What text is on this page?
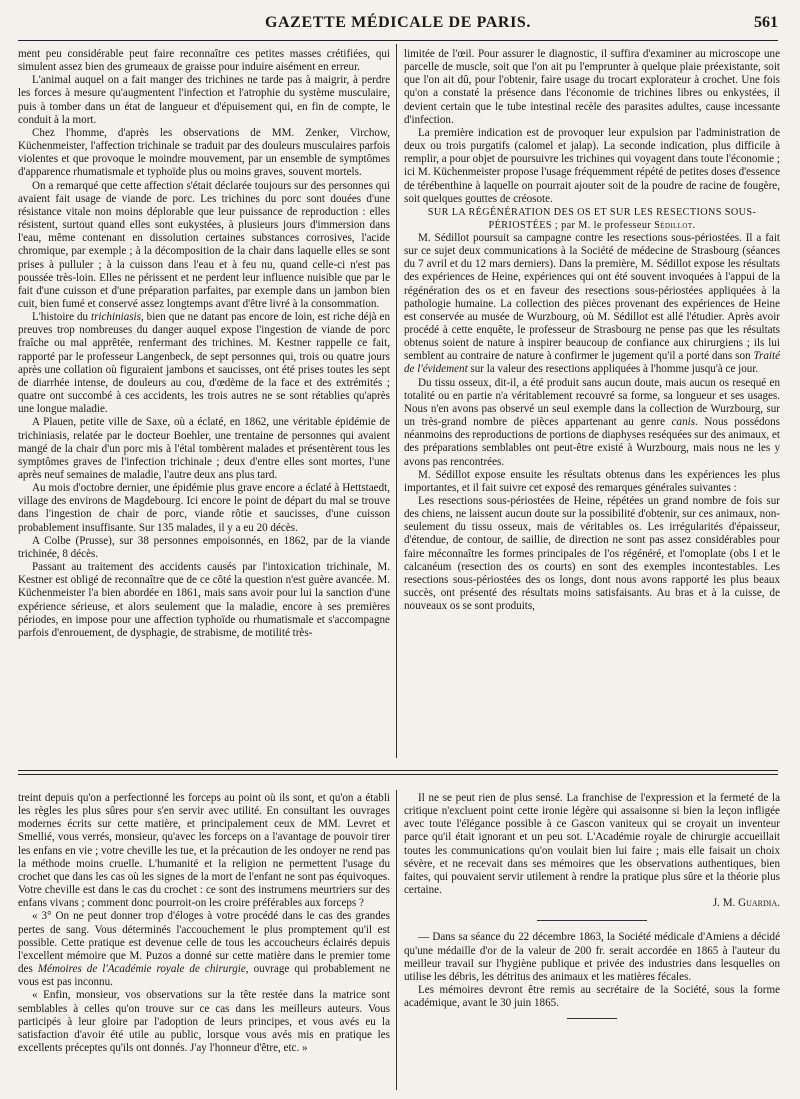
GAZETTE MÉDICALE DE PARIS.	561

ment peu considérable peut faire reconnaître ces petites masses crétifiées, qui simulent assez bien des grumeaux de graisse pour induire aisément en erreur.

L'animal auquel on a fait manger des trichines ne tarde pas à maigrir, à perdre les forces à mesure qu'augmentent l'infection et l'atrophie du système musculaire, puis à tomber dans un état de langueur et d'épuisement qui, en fin de compte, le conduit à la mort.

Chez l'homme, d'après les observations de MM. Zenker, Virchow, Küchenmeister, l'affection trichinale se traduit par des douleurs musculaires parfois violentes et que provoque le moindre mouvement, par un ensemble de symptômes d'apparence rhumatismale et typhoïde plus ou moins graves, souvent mortels.

On a remarqué que cette affection s'était déclarée toujours sur des personnes qui avaient fait usage de viande de porc. Les trichines du porc sont douées d'une résistance vitale non moins déplorable que leur puissance de reproduction : elles résistent, surtout quand elles sont eukystées, à plusieurs jours d'immersion dans l'eau, même contenant en dissolution certaines substances corrosives, l'acide chromique, par exemple ; à la décomposition de la chair dans laquelle elles se sont prises à pulluler ; à la cuisson dans l'eau et à feu nu, quand celle-ci n'est pas poussée très-loin. Elles ne périssent et ne perdent leur influence nuisible que par le fait d'une cuisson et d'une préparation parfaites, par exemple dans un jambon bien cuit, bien fumé et conservé assez longtemps avant d'être livré à la consommation.

L'histoire du trichiniasis, bien que ne datant pas encore de loin, est riche déjà en preuves trop nombreuses du danger auquel expose l'ingestion de viande de porc fraîche ou mal apprêtée, renfermant des trichines. M. Kestner rappelle ce fait, rapporté par le professeur Langenbeck, de sept personnes qui, trois ou quatre jours après une collation où figuraient jambons et saucisses, ont été prises toutes les sept de diarrhée intense, de douleurs au cou, d'œdème de la face et des extrémités ; quatre ont succombé à ces accidents, les trois autres ne se sont rétablies qu'après une longue maladie.

A Plauen, petite ville de Saxe, où a éclaté, en 1862, une véritable épidémie de trichiniasis, relatée par le docteur Boehler, une trentaine de personnes qui avaient mangé de la chair d'un porc mis à l'étal tombèrent malades et présentèrent tous les symptômes graves de l'infection trichinale ; deux d'entre elles sont mortes, l'une après neuf semaines de maladie, l'autre deux ans plus tard.

Au mois d'octobre dernier, une épidémie plus grave encore a éclaté à Hettstaedt, village des environs de Magdebourg. Ici encore le point de départ du mal se trouve dans l'ingestion de chair de porc, viande rôtie et saucisses, d'une cuisson probablement insuffisante. Sur 135 malades, il y a eu 20 décès.

A Colbe (Prusse), sur 38 personnes empoisonnés, en 1862, par de la viande trichinée, 8 décès.

Passant au traitement des accidents causés par l'intoxication trichinale, M. Kestner est obligé de reconnaître que de ce côté la question n'est guère avancée. M. Küchenmeister l'a bien abordée en 1861, mais sans avoir pour lui la sanction d'une expérience sérieuse, et alors seulement que la maladie, encore à ses premières périodes, en impose pour une affection typhoïde ou rhumatismale et s'accompagne parfois d'enrouement, de dysphagie, de strabisme, de motilité très-

limitée de l'œil. Pour assurer le diagnostic, il suffira d'examiner au microscope une parcelle de muscle, soit que l'on ait pu l'emprunter à quelque plaie préexistante, soit que l'on ait dû, pour l'obtenir, faire usage du trocart explorateur à crochet. Une fois qu'on a constaté la présence dans l'économie de trichines libres ou enkystées, il devient certain que le tube intestinal recèle des parasites adultes, cause incessante d'infection.

La première indication est de provoquer leur expulsion par l'administration de deux ou trois purgatifs (calomel et jalap). La seconde indication, plus difficile à remplir, a pour objet de poursuivre les trichines qui voyagent dans toute l'économie ; ici M. Küchenmeister propose l'usage fréquemment répété de petites doses d'essence de térébenthine à laquelle on pourrait ajouter soit de la poudre de racine de fougère, soit quelques gouttes de créosote.

SUR LA RÉGÉNÉRATION DES OS ET SUR LES RESECTIONS SOUS-
PÉRIOSTÉES ; par M. le professeur Sédillot.

M. Sédillot poursuit sa campagne contre les resections sous-périostées. Il a fait sur ce sujet deux communications à la Société de médecine de Strasbourg (séances du 7 avril et du 12 mars derniers). Dans la première, M. Sédillot expose les résultats des expériences de Heine, expériences qui ont été souvent invoquées à l'appui de la régénération des os et en faveur des resections sous-périostées appliquées à la pathologie humaine. La collection des pièces provenant des expériences de Heine est conservée au musée de Wurzbourg, où M. Sédillot est allé l'étudier. Après avoir procédé à cette enquête, le professeur de Strasbourg ne pense pas que les résultats obtenus soient de nature à inspirer beaucoup de confiance aux chirurgiens ; ils lui semblent au contraire de nature à confirmer le jugement qu'il a porté dans son Traité de l'évidement sur la valeur des resections appliquées à l'homme jusqu'à ce jour.

Du tissu osseux, dit-il, a été produit sans aucun doute, mais aucun os resequé en totalité ou en partie n'a véritablement recouvré sa forme, sa longueur et ses usages. Nous n'en avons pas observé un seul exemple dans la collection de Wurzbourg, sur un très-grand nombre de pièces appartenant au genre canis. Nous possédons néanmoins des reproductions de portions de diaphyses reséquées sur des animaux, et des préparations semblables ont peut-être existé à Wurzbourg, mais nous ne les y avons pas rencontrées.

M. Sédillot expose ensuite les résultats obtenus dans les expériences les plus importantes, et il fait suivre cet exposé des remarques générales suivantes :

Les resections sous-périostées de Heine, répétées un grand nombre de fois sur des chiens, ne laissent aucun doute sur la possibilité d'obtenir, sur ces animaux, non-seulement du tissu osseux, mais de véritables os. Les irrégularités d'épaisseur, d'étendue, de contour, de saillie, de direction ne sont pas assez considérables pour faire méconnaître les formes principales de l'os régénéré, et l'omoplate (obs I et le calcanéum (resection des os courts) en sont des exemples incontestables. Les resections sous-périostées des os longs, dont nous avons rapporté les plus beaux succès, ont présenté des résultats moins satisfaisants. Au bras et à la cuisse, de nouveaux os se sont produits,

treint depuis qu'on a perfectionné les forceps au point où ils sont, et qu'on a établi les règles les plus sûres pour s'en servir avec utilité. En consultant les ouvrages modernes écrits sur cette matière, et principalement ceux de MM. Levret et Smellié, vous verrés, monsieur, qu'avec les forceps on a l'avantage de pouvoir tirer les enfans en vie ; votre cheville les tue, et la précaution de les ondoyer ne rend pas la méthode moins cruelle. L'humanité et la religion ne permettent l'usage du crochet que dans les cas où les signes de la mort de l'enfant ne sont pas équivoques. Votre cheville est dans le cas du crochet : ce sont des instrumens meurtriers sur des enfans vivans ; comment donc pourroit-on les croire préférables aux forceps ?

« 3° On ne peut donner trop d'éloges à votre procédé dans le cas des grandes pertes de sang. Vous déterminés l'accouchement le plus promptement qu'il est possible. Cette pratique est devenue celle de tous les accoucheurs éclairés depuis l'excellent mémoire que M. Puzos a donné sur cette matière dans le premier tome des Mémoires de l'Académie royale de chirurgie, ouvrage qui probablement ne vous est pas inconnu.

« Enfin, monsieur, vos observations sur la tête restée dans la matrice sont semblables à celles qu'on trouve sur ce cas dans les meilleurs auteurs. Vous participés à leur gloire par l'adoption de leurs principes, et vous avés eu la satisfaction d'avoir été utile au public, lorsque vous avés mis en pratique les excellents préceptes qu'ils ont donnés. J'ay l'honneur d'être, etc. »

Il ne se peut rien de plus sensé. La franchise de l'expression et la fermeté de la critique n'excluent point cette ironie légère qui assaisonne si bien la leçon infligée avec toute l'élégance possible à ce Gascon vaniteux qui se croyait un inventeur parce qu'il était ignorant et un peu sot. L'Académie royale de chirurgie accueillait toutes les communications qu'on voulait bien lui faire ; mais elle faisait un choix sévère, et ne recevait dans ses mémoires que les observations authentiques, bien faites, qui pouvaient servir utilement à rendre la pratique plus sûre et la théorie plus certaine.

J. M. Guardia.

— Dans sa séance du 22 décembre 1863, la Société médicale d'Amiens a décidé qu'une médaille d'or de la valeur de 200 fr. serait accordée en 1865 à l'auteur du meilleur travail sur l'hygiène publique et privée des industries dans lesquelles on utilise les débris, les détritus des animaux et les matières fécales.

Les mémoires devront être remis au secrétaire de la Société, sous la forme académique, avant le 30 juin 1865.
